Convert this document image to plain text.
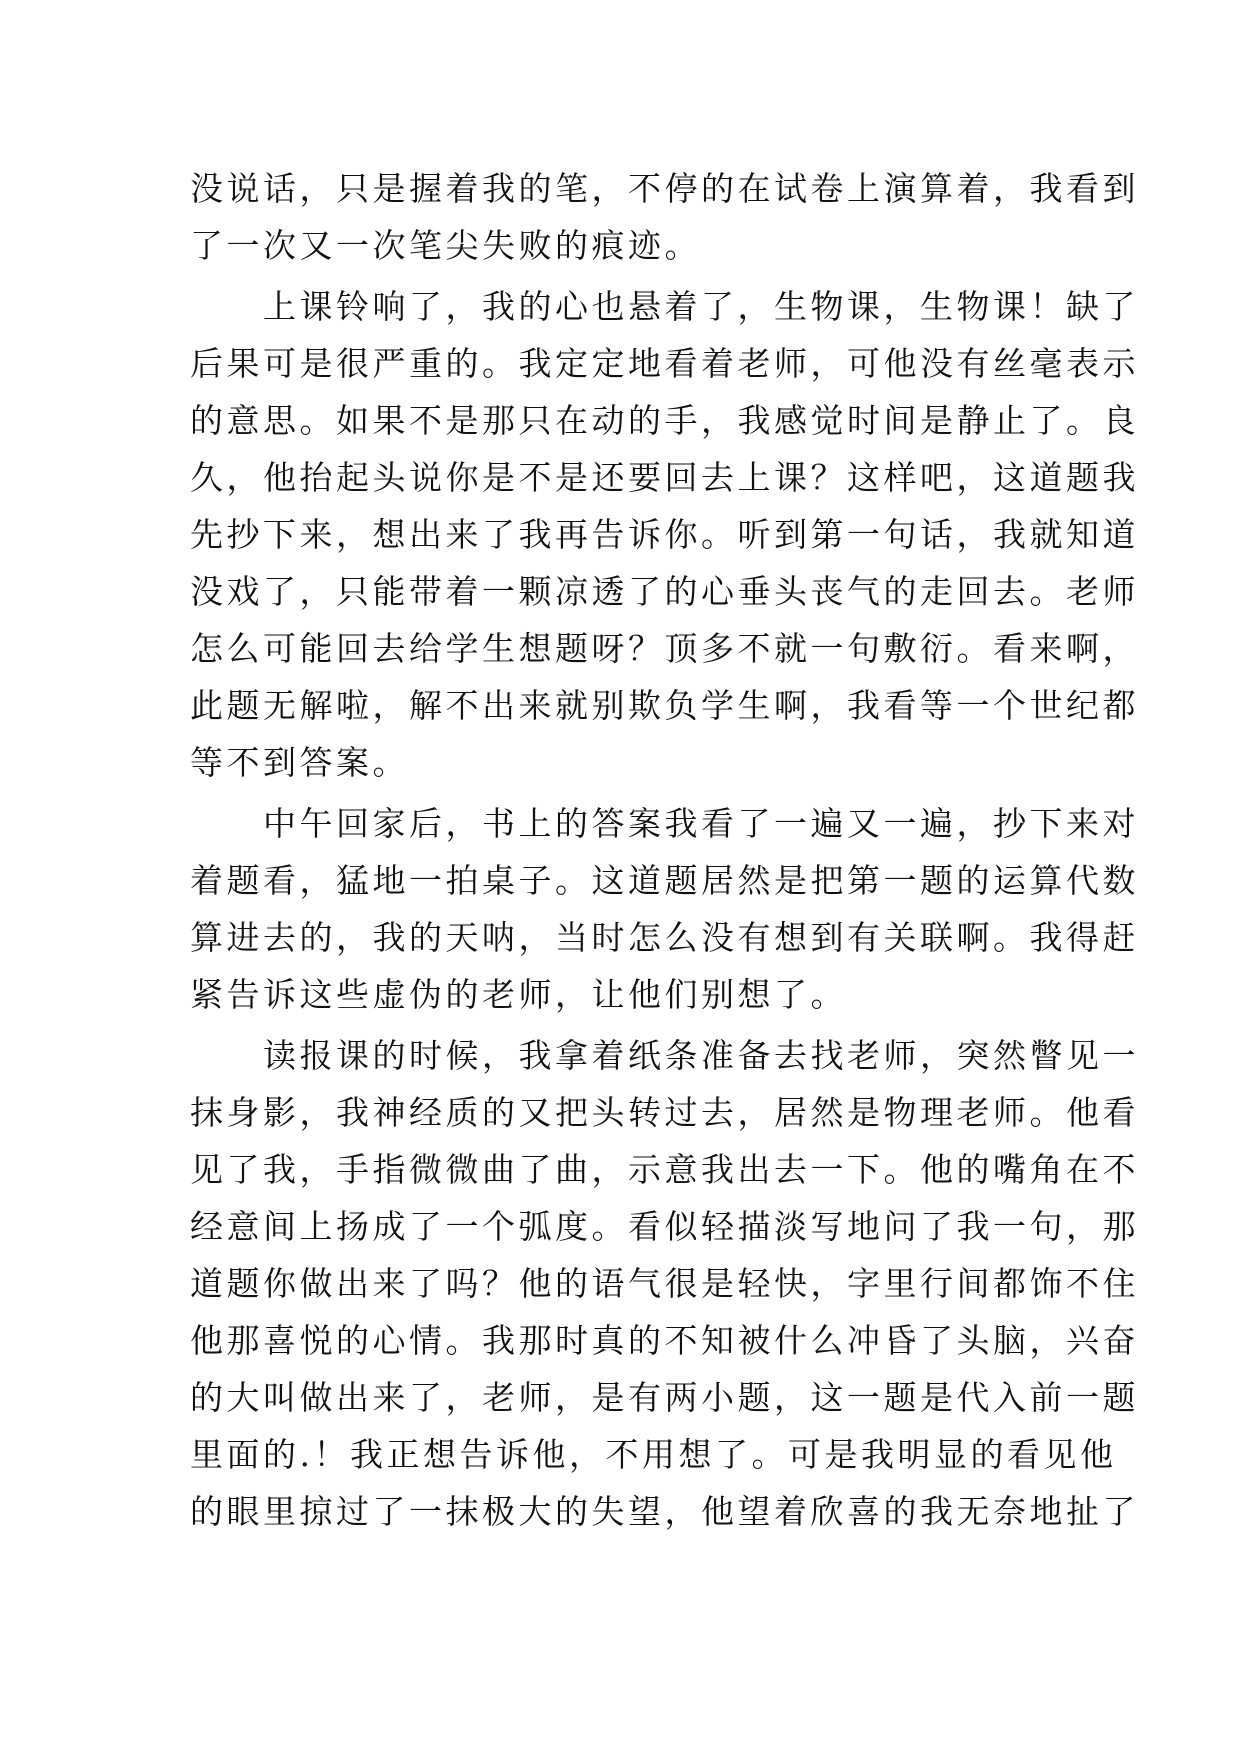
没说话，只是握着我的笔，不停的在试卷上演算着，我看到
了一次又一次笔尖失败的痕迹。
　　上课铃响了，我的心也悬着了，生物课，生物课！缺了
后果可是很严重的。我定定地看着老师，可他没有丝毫表示
的意思。如果不是那只在动的手，我感觉时间是静止了。良
久，他抬起头说你是不是还要回去上课？这样吧，这道题我
先抄下来，想出来了我再告诉你。听到第一句话，我就知道
没戏了，只能带着一颗凉透了的心垂头丧气的走回去。老师
怎么可能回去给学生想题呀？顶多不就一句敷衍。看来啊，
此题无解啦，解不出来就别欺负学生啊，我看等一个世纪都
等不到答案。
　　中午回家后，书上的答案我看了一遍又一遍，抄下来对
着题看，猛地一拍桌子。这道题居然是把第一题的运算代数
算进去的，我的天呐，当时怎么没有想到有关联啊。我得赶
紧告诉这些虚伪的老师，让他们别想了。
　　读报课的时候，我拿着纸条准备去找老师，突然瞥见一
抹身影，我神经质的又把头转过去，居然是物理老师。他看
见了我，手指微微曲了曲，示意我出去一下。他的嘴角在不
经意间上扬成了一个弧度。看似轻描淡写地问了我一句，那
道题你做出来了吗？他的语气很是轻快，字里行间都饰不住
他那喜悦的心情。我那时真的不知被什么冲昏了头脑，兴奋
的大叫做出来了，老师，是有两小题，这一题是代入前一题
里面的.！我正想告诉他，不用想了。可是我明显的看见他
的眼里掠过了一抹极大的失望，他望着欣喜的我无奈地扯了
